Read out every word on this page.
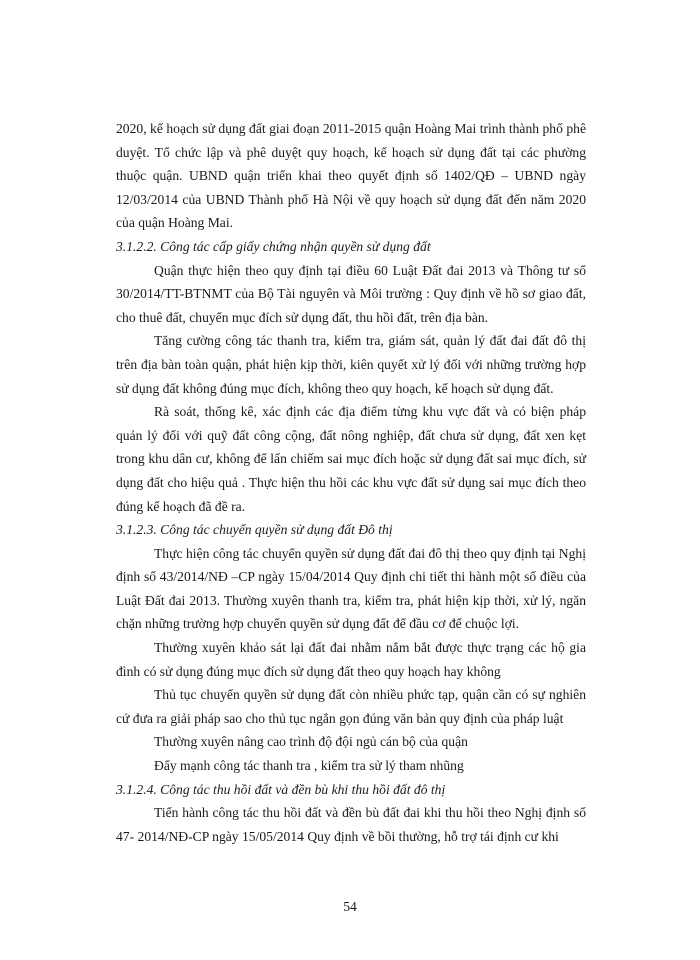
2020, kế hoạch sử dụng đất giai đoạn 2011-2015 quận Hoàng Mai trình thành phố phê duyệt. Tổ chức lập và phê duyệt quy hoạch, kế hoạch sử dụng đất tại các phường thuộc quận. UBND quận triển khai theo quyết định số 1402/QĐ – UBND ngày 12/03/2014 của UBND Thành phố Hà Nội về quy hoạch sử dụng đất đến năm 2020 của quận Hoàng Mai.

3.1.2.2. Công tác cấp giấy chứng nhận quyền sử dụng đất

Quận thực hiện theo quy định tại điều 60 Luật Đất đai 2013 và Thông tư số 30/2014/TT-BTNMT của Bộ Tài nguyên và Môi trường : Quy định về hồ sơ giao đất, cho thuê đất, chuyển mục đích sử dụng đất, thu hồi đất, trên địa bàn.

Tăng cường công tác thanh tra, kiểm tra, giám sát, quản lý đất đai đất đô thị trên địa bàn toàn quận, phát hiện kịp thời, kiên quyết xử lý đối với những trường hợp sử dụng đất không đúng mục đích, không theo quy hoạch, kế hoạch sử dụng đất.

Rà soát, thống kê, xác định các địa điểm từng khu vực đất và có biện pháp quản lý đối với quỹ đất công cộng, đất nông nghiệp, đất chưa sử dụng, đất xen kẹt trong khu dân cư, không để lấn chiếm sai mục đích hoặc sử dụng đất sai mục đích, sử dụng đất cho hiệu quả . Thực hiện thu hồi các khu vực đất sử dụng sai mục đích theo đúng kế hoạch đã đề ra.

3.1.2.3. Công tác chuyển quyền sử dụng đất Đô thị

Thực hiện công tác chuyển quyền sử dụng đất đai đô thị theo quy định tại Nghị định số 43/2014/NĐ –CP ngày 15/04/2014 Quy định chi tiết thi hành một số điều của Luật Đất đai 2013. Thường xuyên thanh tra, kiểm tra, phát hiện kịp thời, xử lý, ngăn chặn những trường hợp chuyển quyền sử dụng đất để đầu cơ để chuộc lợi.

Thường xuyên khảo sát lại đất đai nhằm nắm bắt được thực trạng các hộ gia đình có sử dụng đúng mục đích sử dụng đất theo quy hoạch hay không

Thủ tục chuyển quyền sử dụng đất còn nhiều phức tạp, quận cần có sự nghiên cứ đưa ra giải pháp sao cho thủ tục ngắn gọn đúng văn bản quy định của pháp luật

Thường xuyên nâng cao trình độ đội ngủ cán bộ của quận

Đẩy mạnh công tác thanh tra , kiểm tra sử lý tham nhũng

3.1.2.4. Công tác thu hồi đất và đền bù khi thu hồi đất đô thị

Tiến hành công tác thu hồi đất và đền bù đất đai khi thu hồi theo Nghị định số 47- 2014/NĐ-CP ngày 15/05/2014 Quy định về bồi thường, hỗ trợ tái định cư khi

54
